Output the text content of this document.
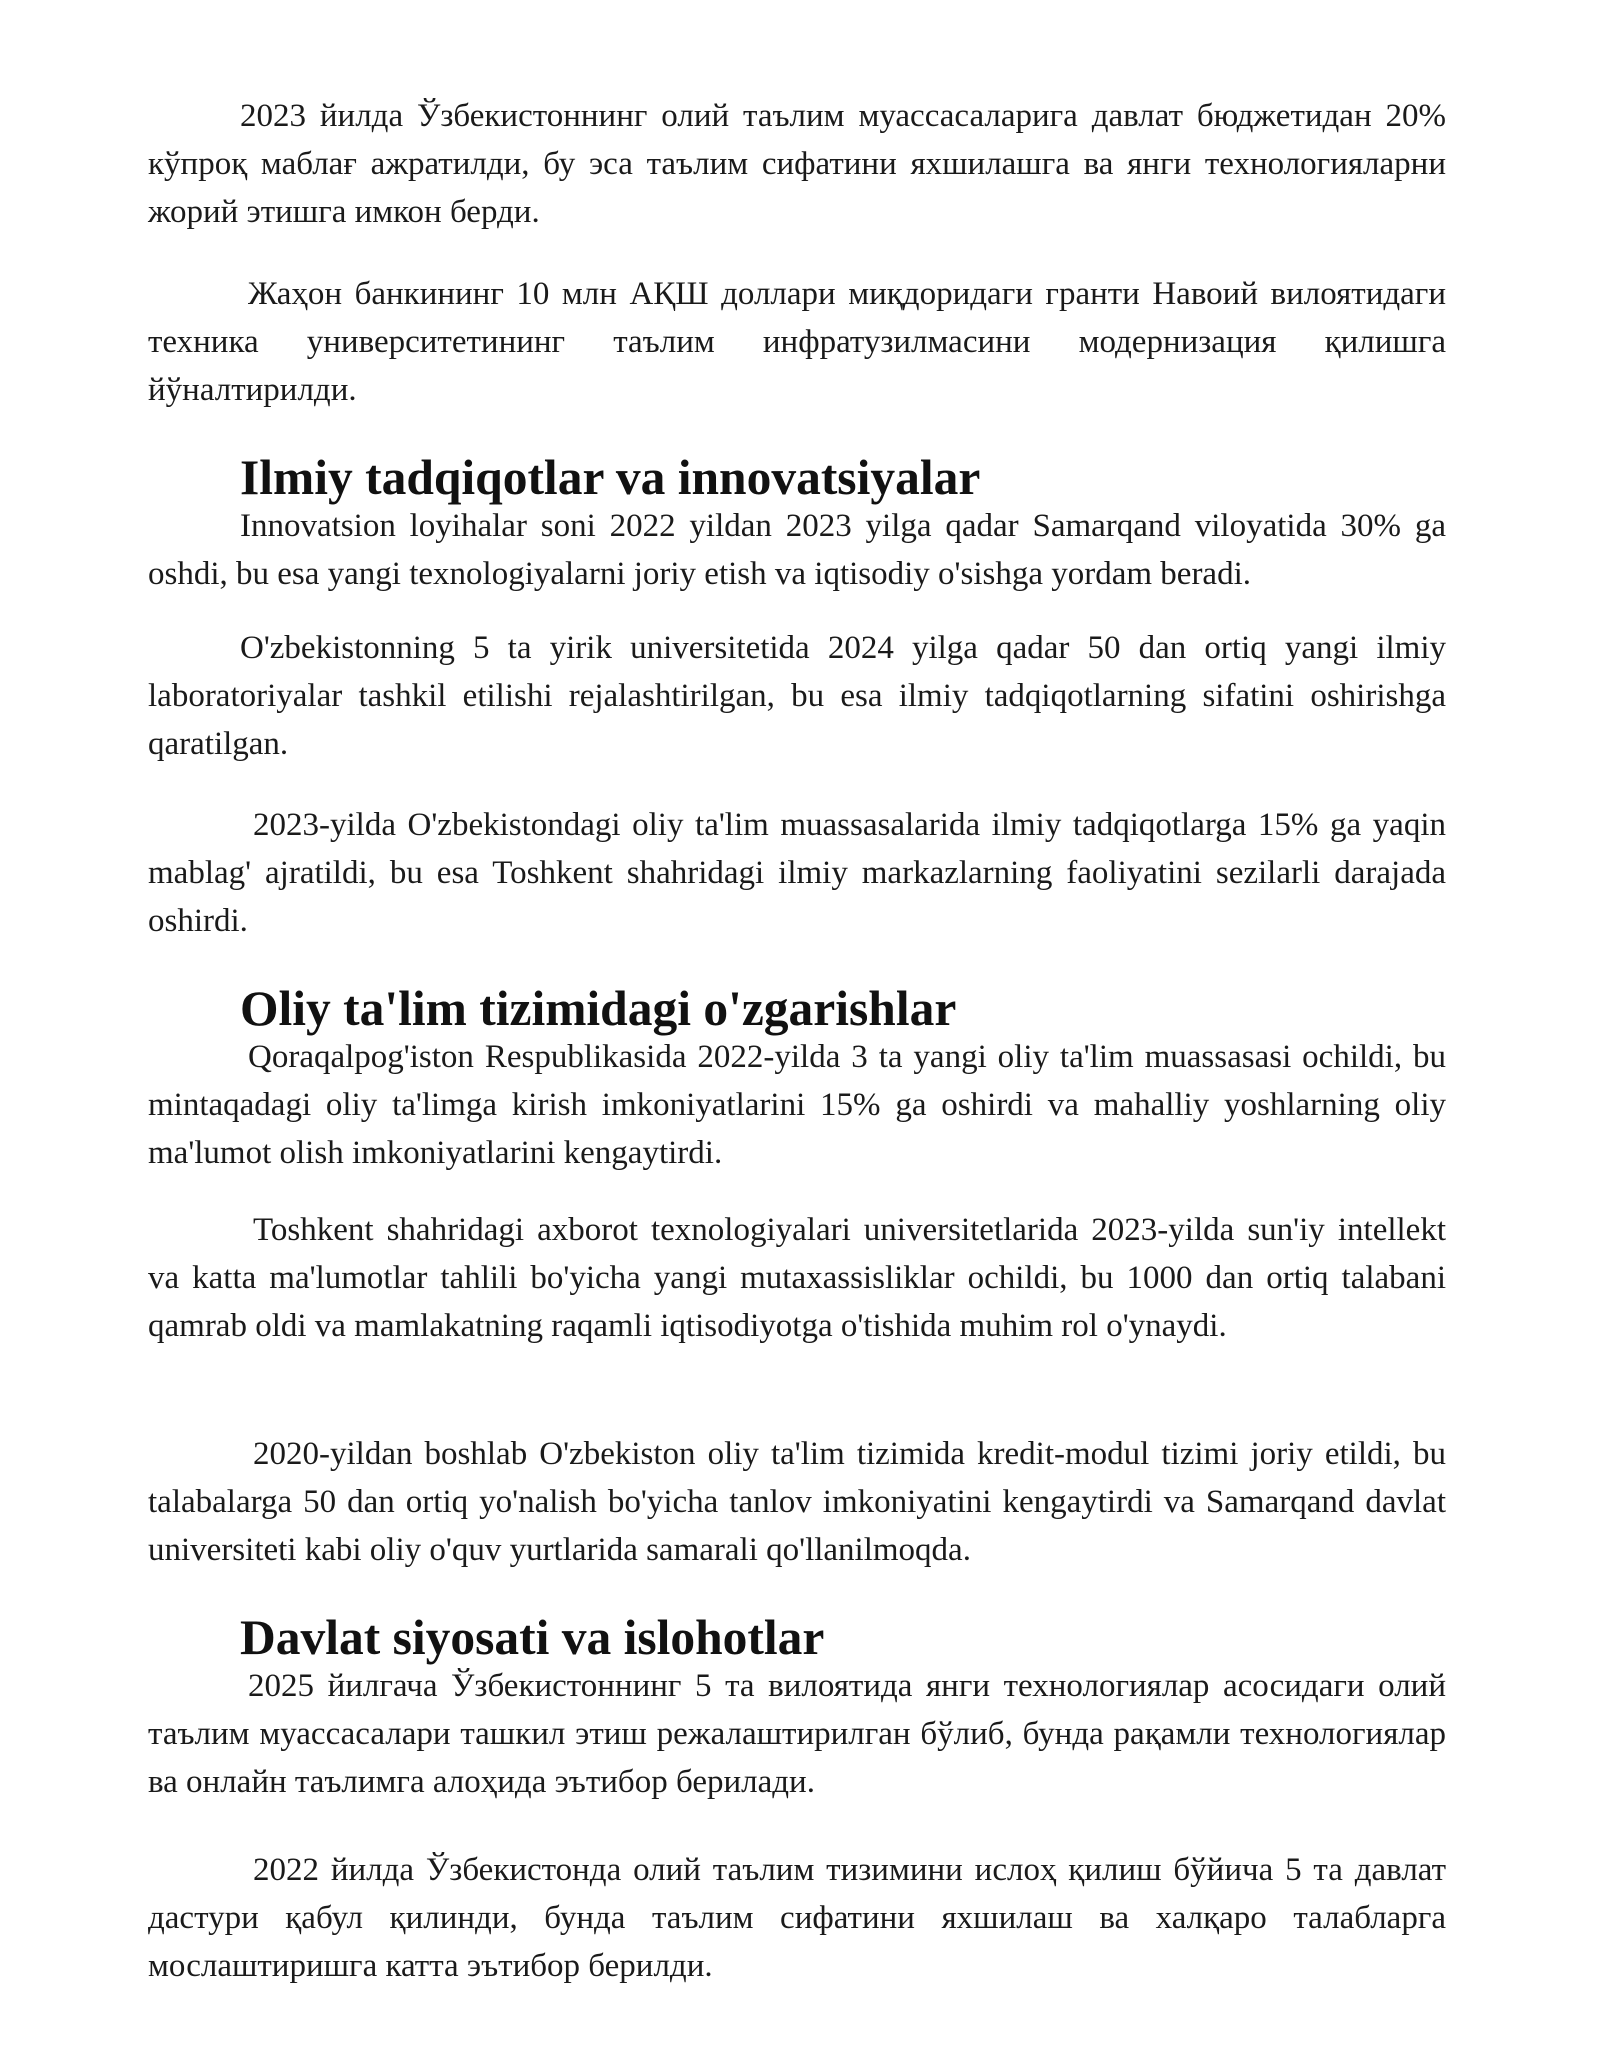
2023 йилда Ўзбекистоннинг олий таълим муассасаларига давлат бюджетидан 20% кўпроқ маблағ ажратилди, бу эса таълим сифатини яхшилашга ва янги технологияларни жорий этишга имкон берди.

Жаҳон банкининг 10 млн АҚШ доллари миқдоридаги гранти Навоий вилоятидаги техника университетининг таълим инфратузилмасини модернизация қилишга йўналтирилди.

Ilmiy tadqiqotlar va innovatsiyalar

Innovatsion loyihalar soni 2022 yildan 2023 yilga qadar Samarqand viloyatida 30% ga oshdi, bu esa yangi texnologiyalarni joriy etish va iqtisodiy o'sishga yordam beradi.

O'zbekistonning 5 ta yirik universitetida 2024 yilga qadar 50 dan ortiq yangi ilmiy laboratoriyalar tashkil etilishi rejalashtirilgan, bu esa ilmiy tadqiqotlarning sifatini oshirishga qaratilgan.

2023-yilda O'zbekistondagi oliy ta'lim muassasalarida ilmiy tadqiqotlarga 15% ga yaqin mablag' ajratildi, bu esa Toshkent shahridagi ilmiy markazlarning faoliyatini sezilarli darajada oshirdi.

Oliy ta'lim tizimidagi o'zgarishlar

Qoraqalpog'iston Respublikasida 2022-yilda 3 ta yangi oliy ta'lim muassasasi ochildi, bu mintaqadagi oliy ta'limga kirish imkoniyatlarini 15% ga oshirdi va mahalliy yoshlarning oliy ma'lumot olish imkoniyatlarini kengaytirdi.

Toshkent shahridagi axborot texnologiyalari universitetlarida 2023-yilda sun'iy intellekt va katta ma'lumotlar tahlili bo'yicha yangi mutaxassisliklar ochildi, bu 1000 dan ortiq talabani qamrab oldi va mamlakatning raqamli iqtisodiyotga o'tishida muhim rol o'ynaydi.

2020-yildan boshlab O'zbekiston oliy ta'lim tizimida kredit-modul tizimi joriy etildi, bu talabalarga 50 dan ortiq yo'nalish bo'yicha tanlov imkoniyatini kengaytirdi va Samarqand davlat universiteti kabi oliy o'quv yurtlarida samarali qo'llanilmoqda.

Davlat siyosati va islohotlar

2025 йилгача Ўзбекистоннинг 5 та вилоятида янги технологиялар асосидаги олий таълим муассасалари ташкил этиш режалаштирилган бўлиб, бунда рақамли технологиялар ва онлайн таълимга алоҳида эътибор берилади.

2022 йилда Ўзбекистонда олий таълим тизимини ислоҳ қилиш бўйича 5 та давлат дастури қабул қилинди, бунда таълим сифатини яхшилаш ва халқаро талабларга мослаштиришга катта эътибор берилди.
